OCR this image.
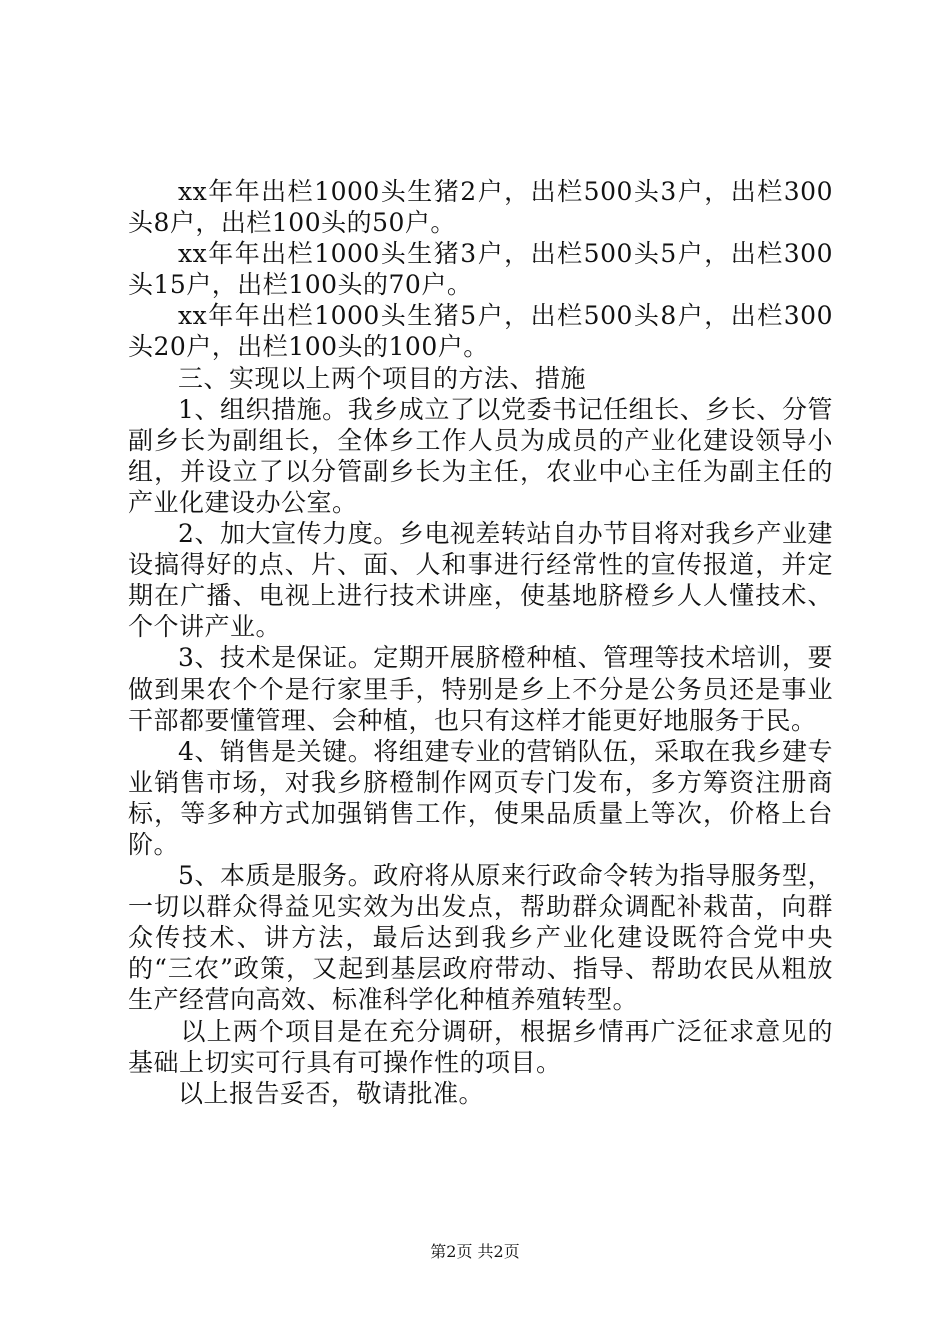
xx年年出栏1000头生猪2户，出栏500头3户，出栏300头8户，出栏100头的50户。

xx年年出栏1000头生猪3户，出栏500头5户，出栏300头15户，出栏100头的70户。

xx年年出栏1000头生猪5户，出栏500头8户，出栏300头20户，出栏100头的100户。

三、实现以上两个项目的方法、措施

1、组织措施。我乡成立了以党委书记任组长、乡长、分管副乡长为副组长，全体乡工作人员为成员的产业化建设领导小组，并设立了以分管副乡长为主任，农业中心主任为副主任的产业化建设办公室。

2、加大宣传力度。乡电视差转站自办节目将对我乡产业建设搞得好的点、片、面、人和事进行经常性的宣传报道，并定期在广播、电视上进行技术讲座，使基地脐橙乡人人懂技术、个个讲产业。

3、技术是保证。定期开展脐橙种植、管理等技术培训，要做到果农个个是行家里手，特别是乡上不分是公务员还是事业干部都要懂管理、会种植，也只有这样才能更好地服务于民。

4、销售是关键。将组建专业的营销队伍，采取在我乡建专业销售市场，对我乡脐橙制作网页专门发布，多方筹资注册商标，等多种方式加强销售工作，使果品质量上等次，价格上台阶。

5、本质是服务。政府将从原来行政命令转为指导服务型，一切以群众得益见实效为出发点，帮助群众调配补栽苗，向群众传技术、讲方法，最后达到我乡产业化建设既符合党中央的“三农”政策，又起到基层政府带动、指导、帮助农民从粗放生产经营向高效、标准科学化种植养殖转型。

以上两个项目是在充分调研，根据乡情再广泛征求意见的基础上切实可行具有可操作性的项目。

以上报告妥否，敬请批准。

第2页 共2页
